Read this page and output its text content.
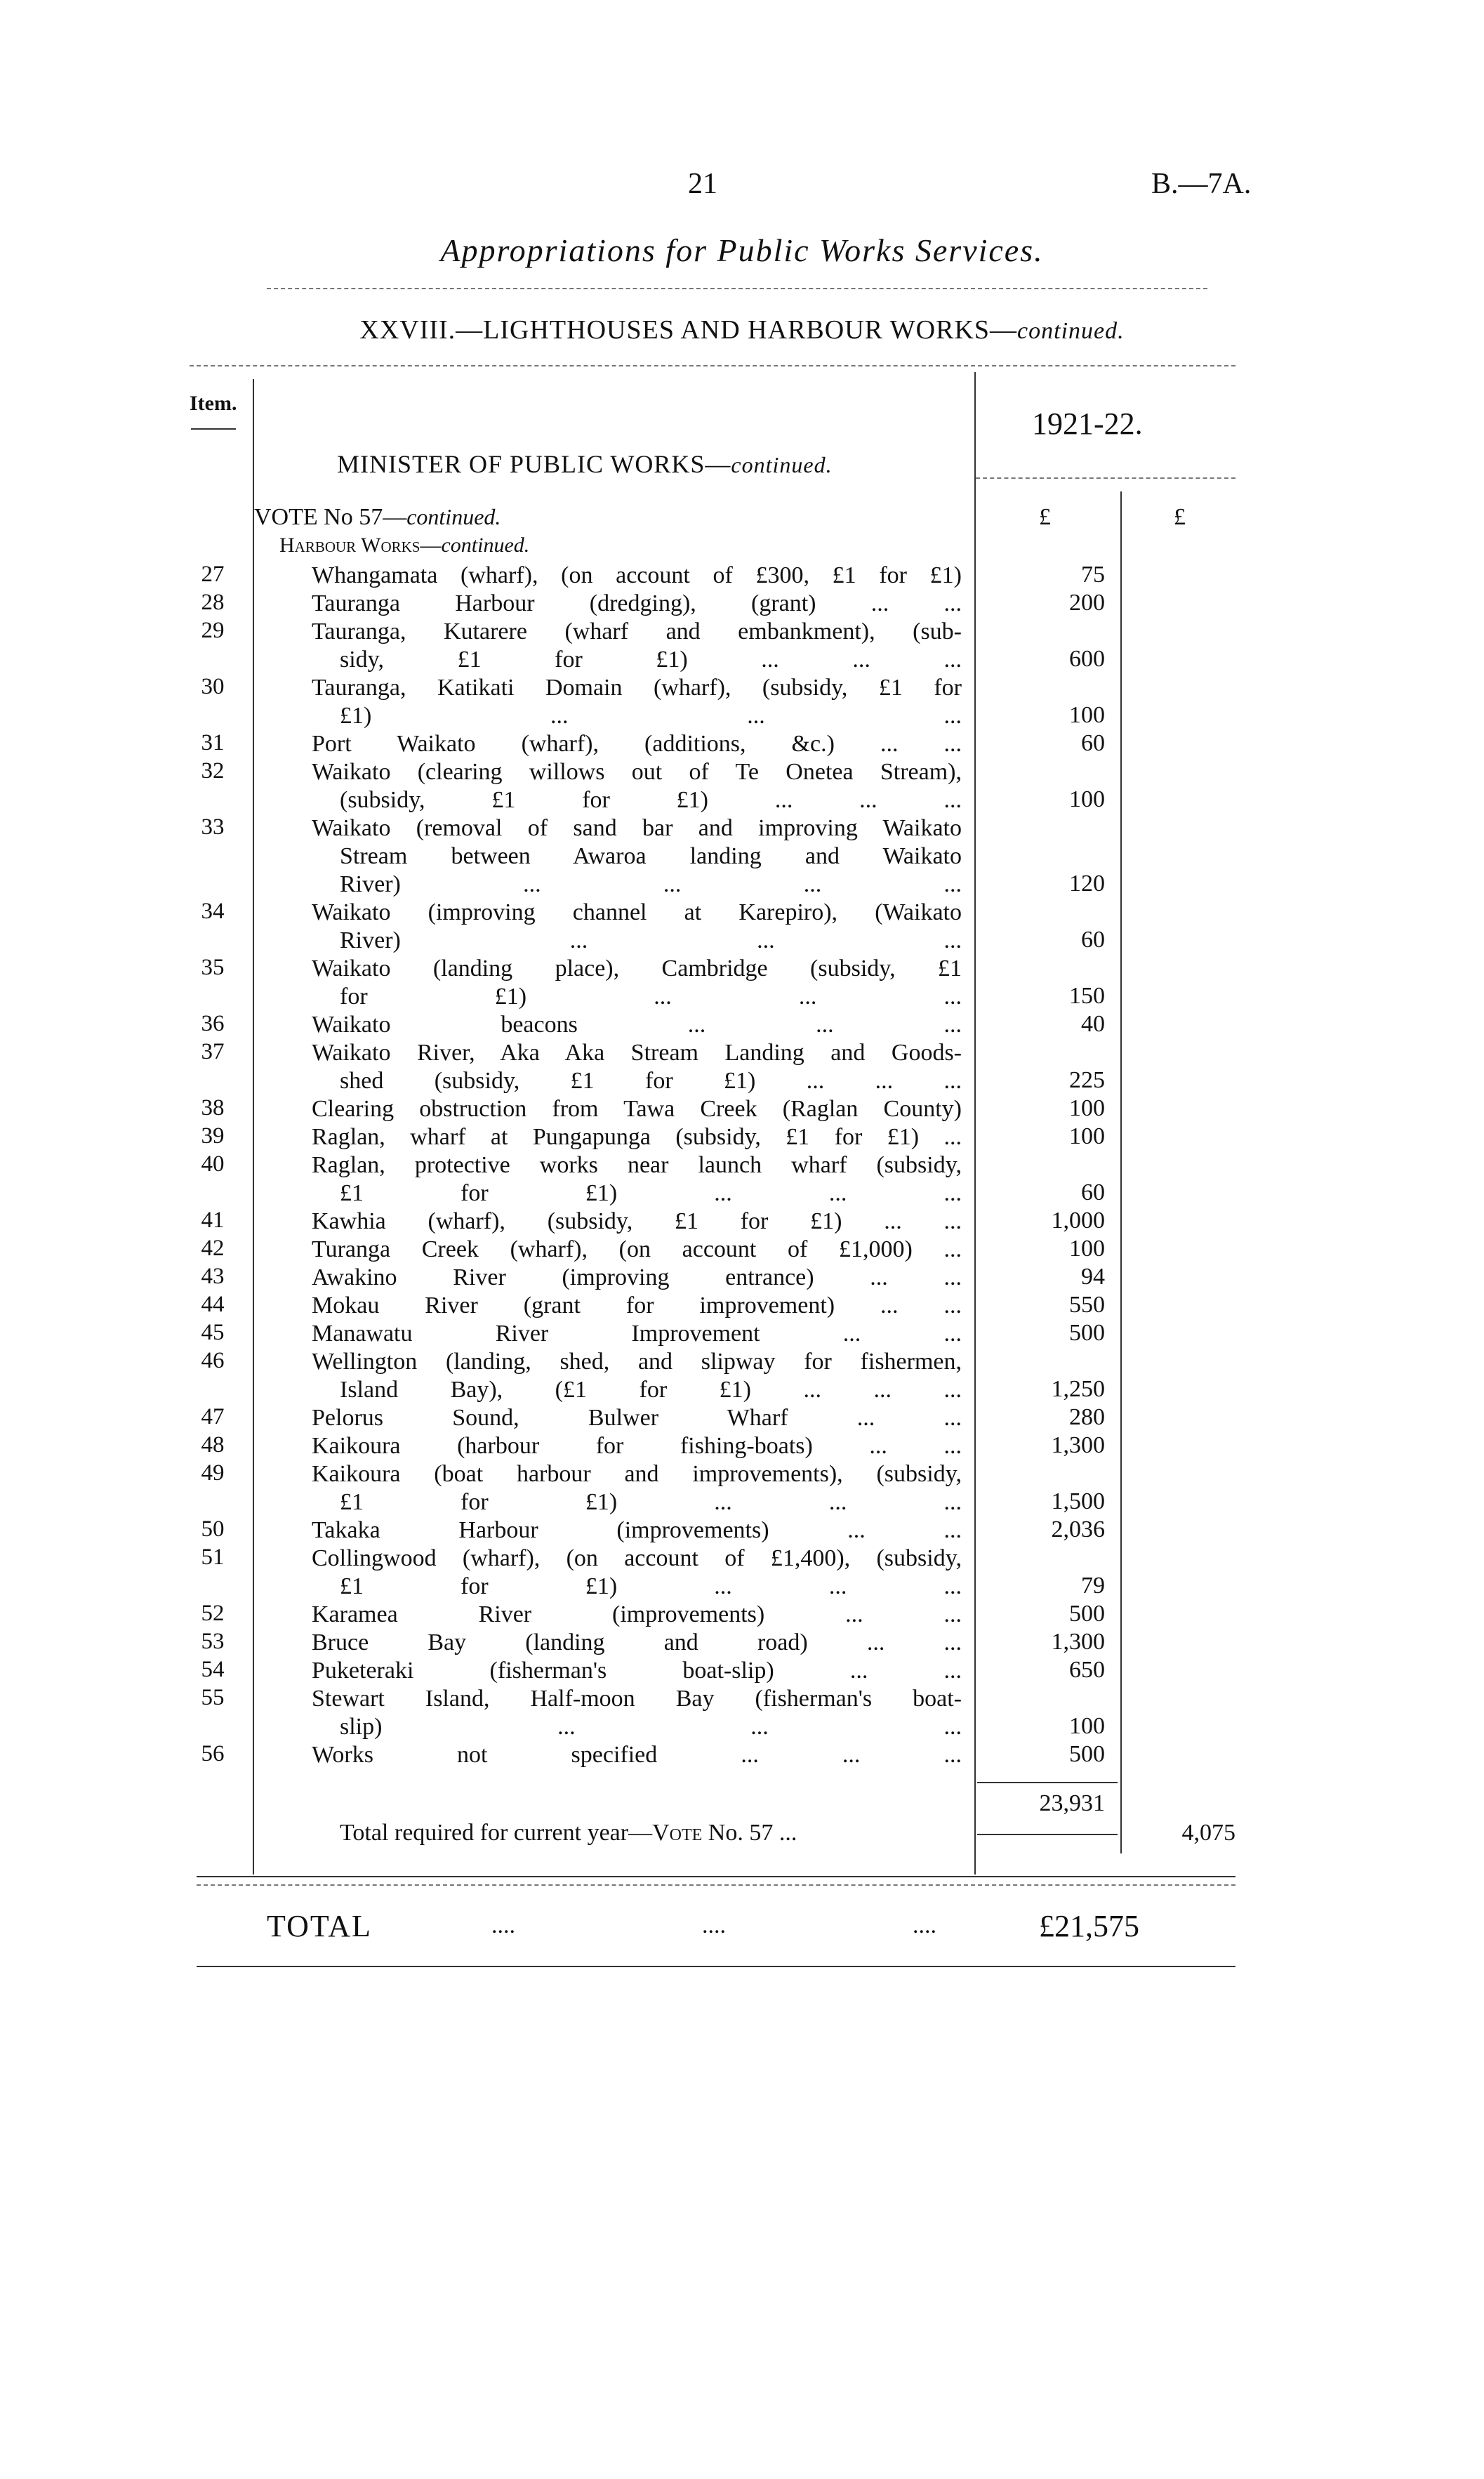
21	B.—7A.
Appropriations for Public Works Services.
XXVIII.—LIGHTHOUSES AND HARBOUR WORKS—continued.
Item.
1921-22.
MINISTER OF PUBLIC WORKS—continued.
£	£
VOTE No 57—continued.
Harbour Works—continued.
27	Whangamata (wharf), (on account of £300, £1 for £1)	75
28	Tauranga Harbour (dredging), (grant) ... ...	200
29	Tauranga, Kutarere (wharf and embankment), (sub-
sidy, £1 for £1) ... ... ...	600
30	Tauranga, Katikati Domain (wharf), (subsidy, £1 for
£1) ... ... ...	100
31	Port Waikato (wharf), (additions, &c.) ... ...	60
32	Waikato (clearing willows out of Te Onetea Stream),
(subsidy, £1 for £1) ... ... ...	100
33	Waikato (removal of sand bar and improving Waikato
Stream between Awaroa landing and Waikato
River) ... ... ... ...	120
34	Waikato (improving channel at Karepiro), (Waikato
River) ... ... ...	60
35	Waikato (landing place), Cambridge (subsidy, £1
for £1) ... ... ...	150
36	Waikato beacons ... ... ...	40
37	Waikato River, Aka Aka Stream Landing and Goods-
shed (subsidy, £1 for £1) ... ... ...	225
38	Clearing obstruction from Tawa Creek (Raglan County)	100
39	Raglan, wharf at Pungapunga (subsidy, £1 for £1) ...	100
40	Raglan, protective works near launch wharf (subsidy,
£1 for £1) ... ... ...	60
41	Kawhia (wharf), (subsidy, £1 for £1) ... ...	1,000
42	Turanga Creek (wharf), (on account of £1,000) ...	100
43	Awakino River (improving entrance) ... ...	94
44	Mokau River (grant for improvement) ... ...	550
45	Manawatu River Improvement ... ...	500
46	Wellington (landing, shed, and slipway for fishermen,
Island Bay), (£1 for £1) ... ... ...	1,250
47	Pelorus Sound, Bulwer Wharf ... ...	280
48	Kaikoura (harbour for fishing-boats) ... ...	1,300
49	Kaikoura (boat harbour and improvements), (subsidy,
£1 for £1) ... ... ...	1,500
50	Takaka Harbour (improvements) ... ...	2,036
51	Collingwood (wharf), (on account of £1,400), (subsidy,
£1 for £1) ... ... ...	79
52	Karamea River (improvements) ... ...	500
53	Bruce Bay (landing and road) ... ...	1,300
54	Puketeraki (fisherman's boat-slip) ... ...	650
55	Stewart Island, Half-moon Bay (fisherman's boat-
slip) ... ... ...	100
56	Works not specified ... ... ...	500
23,931
Total required for current year—Vote No. 57 ...	4,075
TOTAL	....	....	....	£21,575
